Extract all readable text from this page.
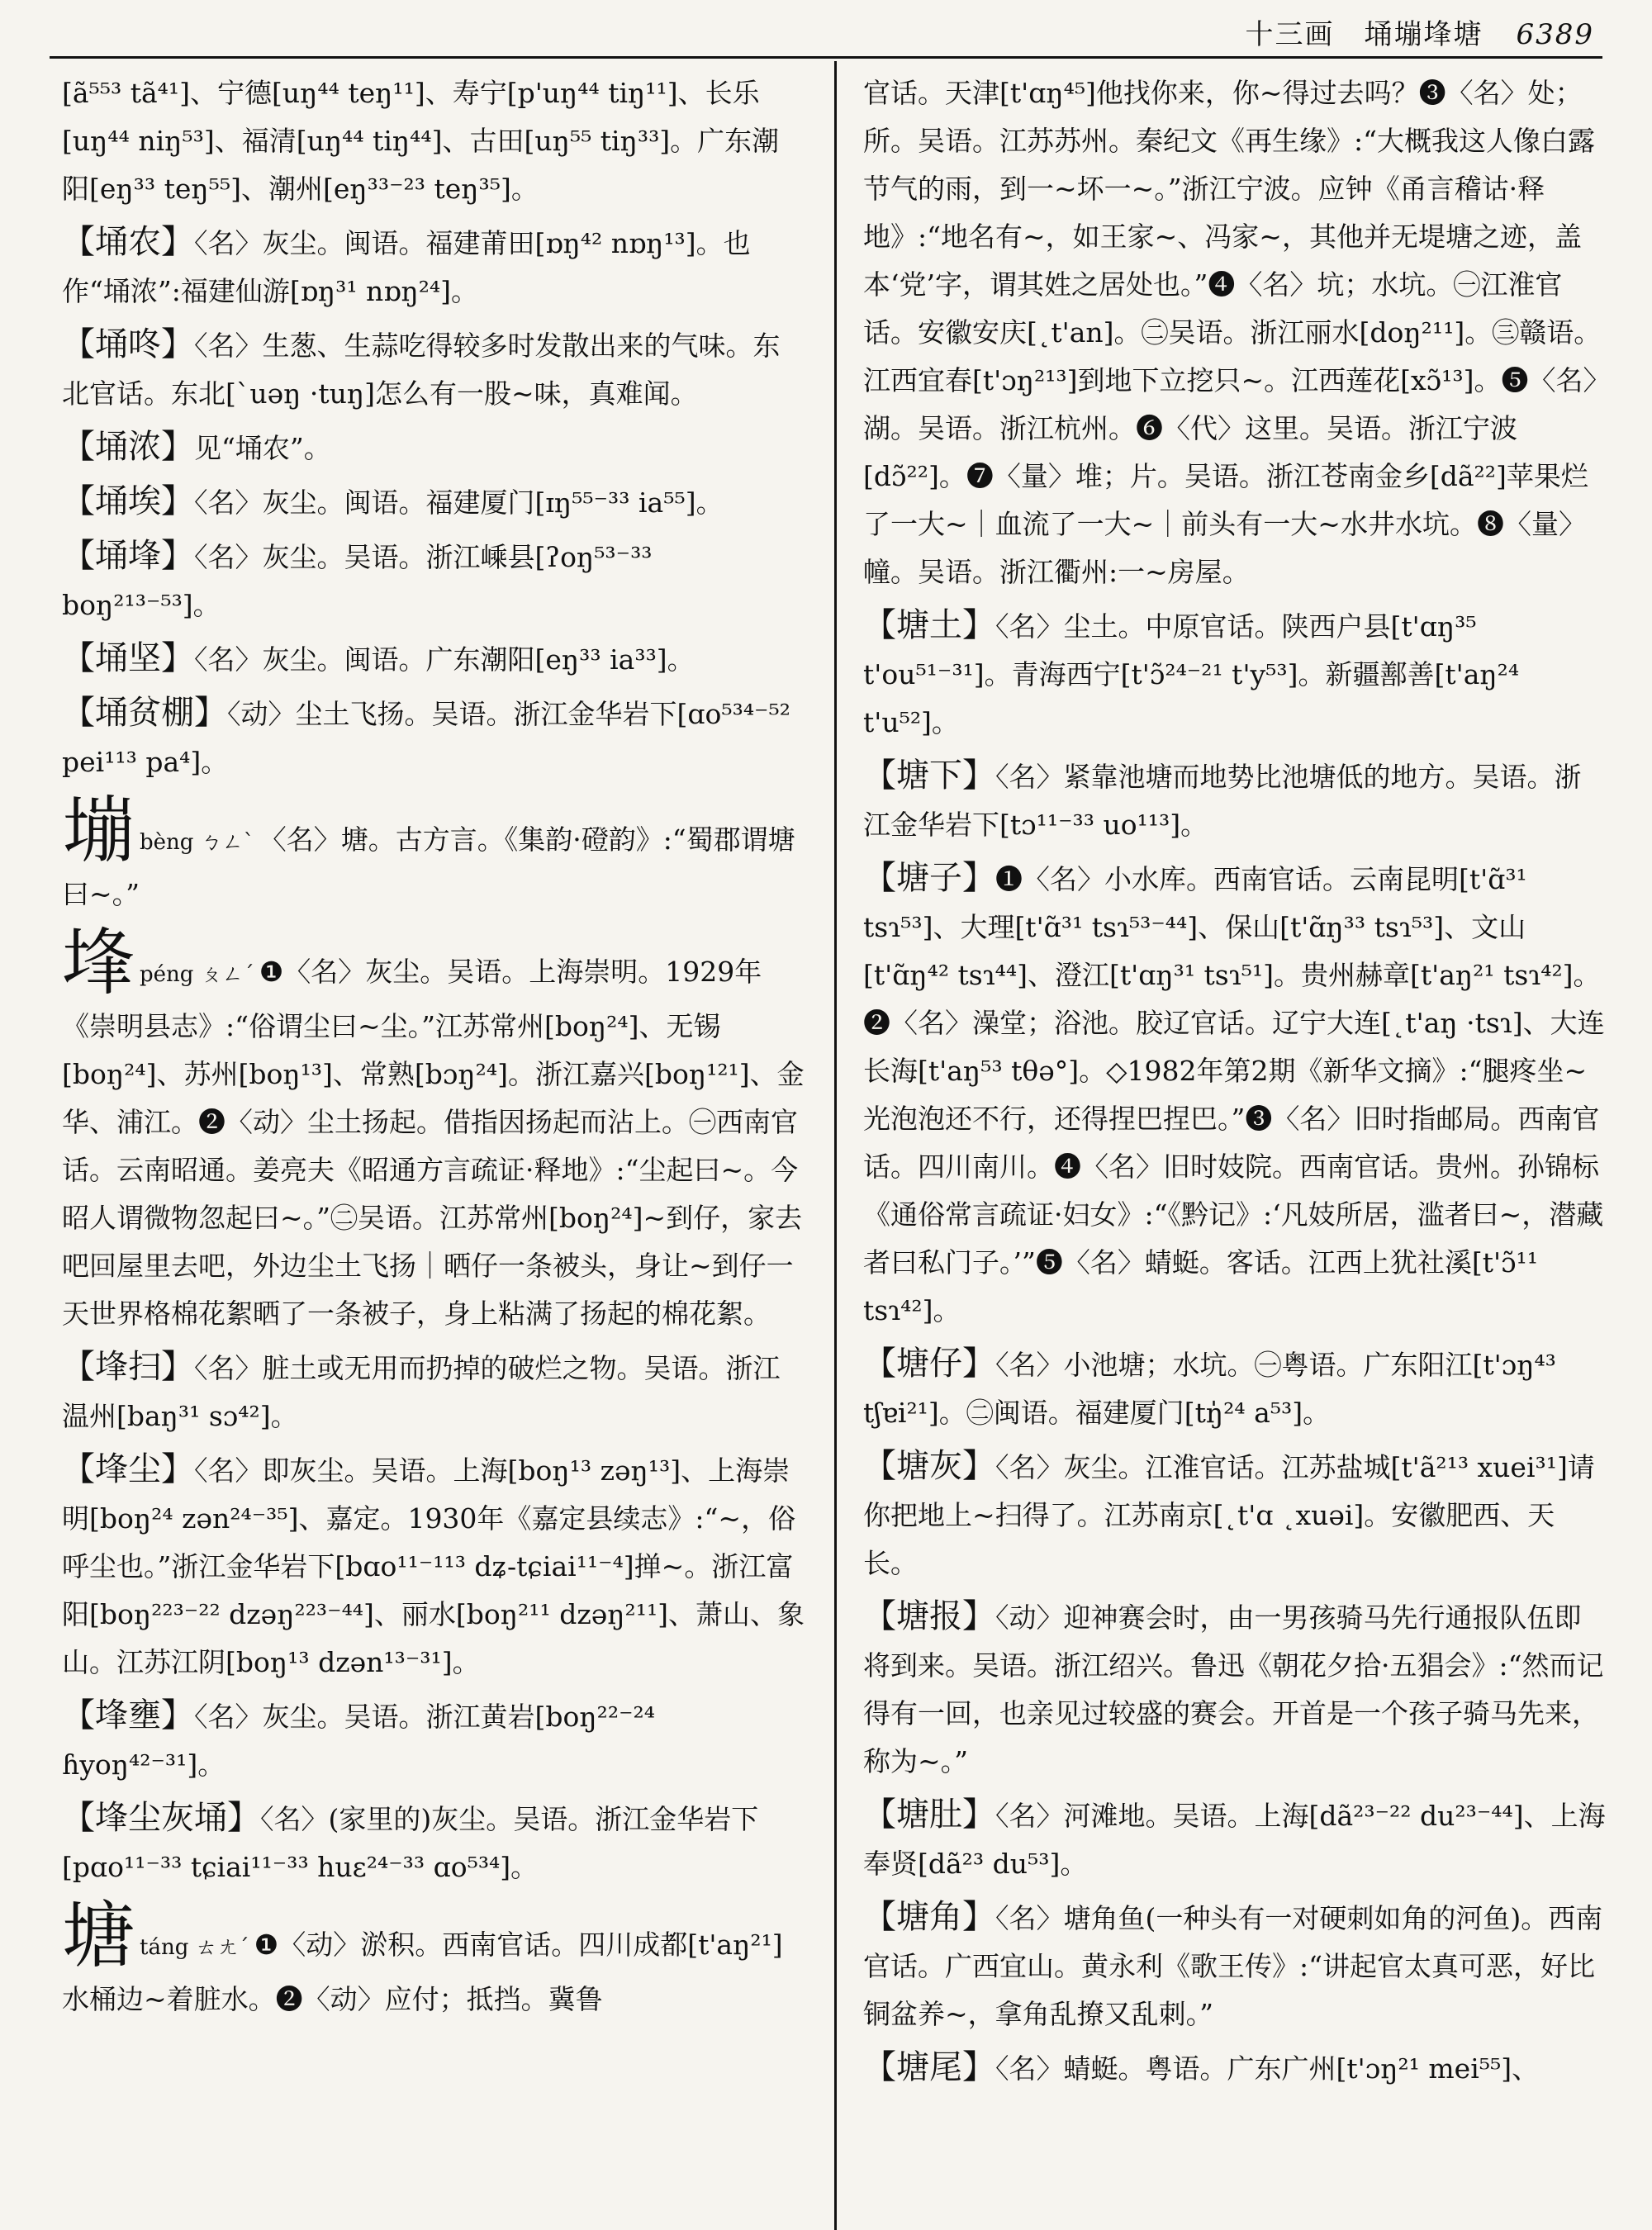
十三画　埇塴埄塘 6389
[ã⁵⁵³ tã⁴¹]、宁德[uŋ⁴⁴ teŋ¹¹]、寿宁[p'uŋ⁴⁴ tiŋ¹¹]、长乐[uŋ⁴⁴ niŋ⁵³]、福清[uŋ⁴⁴ tiŋ⁴⁴]、古田[uŋ⁵⁵ tiŋ³³]。广东潮阳[eŋ³³ teŋ⁵⁵]、潮州[eŋ³³⁻²³ teŋ³⁵]。
【埇农】〈名〉灰尘。闽语。福建莆田[ɒŋ⁴² nɒŋ¹³]。也作“埇浓”:福建仙游[ɒŋ³¹ nɒŋ²⁴]。
【埇咚】〈名〉生葱、生蒜吃得较多时发散出来的气味。东北官话。东北[ˋuəŋ ·tuŋ]怎么有一股~味，真难闻。
【埇浓】见“埇农”。
【埇埃】〈名〉灰尘。闽语。福建厦门[ɪŋ⁵⁵⁻³³ ia⁵⁵]。
【埇埄】〈名〉灰尘。吴语。浙江嵊县[ʔoŋ⁵³⁻³³ boŋ²¹³⁻⁵³]。
【埇坚】〈名〉灰尘。闽语。广东潮阳[eŋ³³ ia³³]。
【埇贫棚】〈动〉尘土飞扬。吴语。浙江金华岩下[ɑo⁵³⁴⁻⁵² pei¹¹³ pa⁴]。
塴bèng ㄅㄥˋ 〈名〉塘。古方言。《集韵·磴韵》:“蜀郡谓塘曰~。”
埄péng ㄆㄥˊ ❶〈名〉灰尘。吴语。上海崇明。1929年《崇明县志》:“俗谓尘曰~尘。”江苏常州[boŋ²⁴]、无锡[boŋ²⁴]、苏州[boŋ¹³]、常熟[bɔŋ²⁴]。浙江嘉兴[boŋ¹²¹]、金华、浦江。❷〈动〉尘土扬起。借指因扬起而沾上。㊀西南官话。云南昭通。姜亮夫《昭通方言疏证·释地》:“尘起曰~。今昭人谓微物忽起曰~。”㊁吴语。江苏常州[boŋ²⁴]~到仔，家去吧回屋里去吧，外边尘土飞扬｜晒仔一条被头，身让~到仔一天世界格棉花絮晒了一条被子，身上粘满了扬起的棉花絮。
【埄扫】〈名〉脏土或无用而扔掉的破烂之物。吴语。浙江温州[baŋ³¹ sɔ⁴²]。
【埄尘】〈名〉即灰尘。吴语。上海[boŋ¹³ zəŋ¹³]、上海崇明[boŋ²⁴ zən²⁴⁻³⁵]、嘉定。1930年《嘉定县续志》:“~，俗呼尘也。”浙江金华岩下[bɑo¹¹⁻¹¹³ dʑ-tɕiai¹¹⁻⁴]掸~。浙江富阳[boŋ²²³⁻²² dzəŋ²²³⁻⁴⁴]、丽水[boŋ²¹¹ dzəŋ²¹¹]、萧山、象山。江苏江阴[boŋ¹³ dzən¹³⁻³¹]。
【埄壅】〈名〉灰尘。吴语。浙江黄岩[boŋ²²⁻²⁴ ɦyoŋ⁴²⁻³¹]。
【埄尘灰埇】〈名〉(家里的)灰尘。吴语。浙江金华岩下[pɑo¹¹⁻³³ tɕiai¹¹⁻³³ huɛ²⁴⁻³³ ɑo⁵³⁴]。
塘táng ㄊㄤˊ ❶〈动〉淤积。西南官话。四川成都[t'aŋ²¹]水桶边~着脏水。❷〈动〉应付；抵挡。冀鲁
官话。天津[t'ɑŋ⁴⁵]他找你来，你~得过去吗？❸〈名〉处；所。吴语。江苏苏州。秦纪文《再生缘》:“大概我这人像白露节气的雨，到一~坏一~。”浙江宁波。应钟《甬言稽诂·释地》:“地名有~，如王家~、冯家~，其他并无堤塘之迹，盖本‘党’字，谓其姓之居处也。”❹〈名〉坑；水坑。㊀江淮官话。安徽安庆[˛t'an]。㊁吴语。浙江丽水[doŋ²¹¹]。㊂赣语。江西宜春[t'ɔŋ²¹³]到地下立挖只~。江西莲花[xɔ̃¹³]。❺〈名〉湖。吴语。浙江杭州。❻〈代〉这里。吴语。浙江宁波[dɔ̃²²]。❼〈量〉堆；片。吴语。浙江苍南金乡[dã²²]苹果烂了一大~｜血流了一大~｜前头有一大~水井水坑。❽〈量〉幢。吴语。浙江衢州:一~房屋。
【塘土】〈名〉尘土。中原官话。陕西户县[t'ɑŋ³⁵ t'ou⁵¹⁻³¹]。青海西宁[t'ɔ̃²⁴⁻²¹ t'y⁵³]。新疆鄯善[t'aŋ²⁴ t'u⁵²]。
【塘下】〈名〉紧靠池塘而地势比池塘低的地方。吴语。浙江金华岩下[tɔ¹¹⁻³³ uo¹¹³]。
【塘子】❶〈名〉小水库。西南官话。云南昆明[t'ɑ̃³¹ tsɿ⁵³]、大理[t'ɑ̃³¹ tsɿ⁵³⁻⁴⁴]、保山[t'ɑ̃ŋ³³ tsɿ⁵³]、文山[t'ɑ̃ŋ⁴² tsɿ⁴⁴]、澄江[t'ɑŋ³¹ tsɿ⁵¹]。贵州赫章[t'aŋ²¹ tsɿ⁴²]。❷〈名〉澡堂；浴池。胶辽官话。辽宁大连[˛t'aŋ ·tsɿ]、大连长海[t'aŋ⁵³ tθə°]。◇1982年第2期《新华文摘》:“腿疼坐~光泡泡还不行，还得捏巴捏巴。”❸〈名〉旧时指邮局。西南官话。四川南川。❹〈名〉旧时妓院。西南官话。贵州。孙锦标《通俗常言疏证·妇女》:“《黔记》:‘凡妓所居，滥者曰~，潜藏者曰私门子。’”❺〈名〉蜻蜓。客话。江西上犹社溪[t'ɔ̃¹¹ tsɿ⁴²]。
【塘仔】〈名〉小池塘；水坑。㊀粤语。广东阳江[t'ɔŋ⁴³ tʃɐi²¹]。㊁闽语。福建厦门[tŋ̍²⁴ a⁵³]。
【塘灰】〈名〉灰尘。江淮官话。江苏盐城[t'ã²¹³ xuei³¹]请你把地上~扫得了。江苏南京[˛t'ɑ ˛xuəi]。安徽肥西、天长。
【塘报】〈动〉迎神赛会时，由一男孩骑马先行通报队伍即将到来。吴语。浙江绍兴。鲁迅《朝花夕拾·五猖会》:“然而记得有一回，也亲见过较盛的赛会。开首是一个孩子骑马先来，称为~。”
【塘肚】〈名〉河滩地。吴语。上海[dã²³⁻²² du²³⁻⁴⁴]、上海奉贤[dã²³ du⁵³]。
【塘角】〈名〉塘角鱼(一种头有一对硬刺如角的河鱼)。西南官话。广西宜山。黄永利《歌王传》:“讲起官太真可恶，好比铜盆养~，拿角乱撩又乱刺。”
【塘尾】〈名〉蜻蜓。粤语。广东广州[t'ɔŋ²¹ mei⁵⁵]、
